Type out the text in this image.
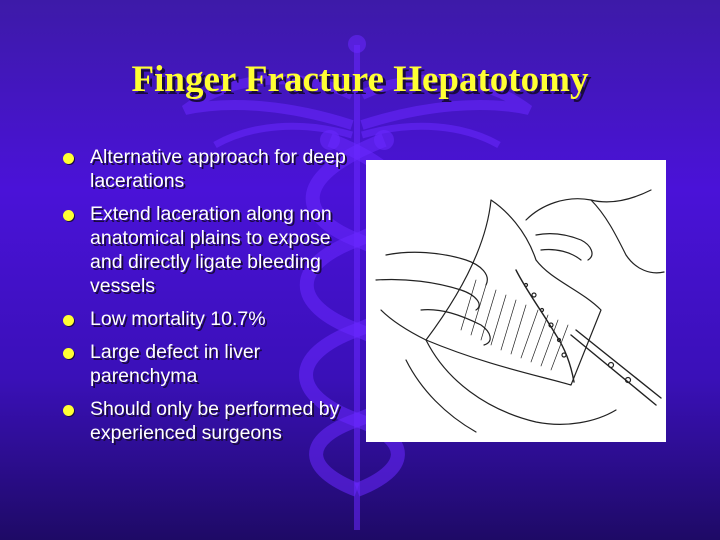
Finger Fracture Hepatotomy
Alternative approach for deep lacerations
Extend laceration along non anatomical plains to expose and directly ligate bleeding vessels
Low mortality 10.7%
Large defect in liver parenchyma
Should only be performed by experienced surgeons
